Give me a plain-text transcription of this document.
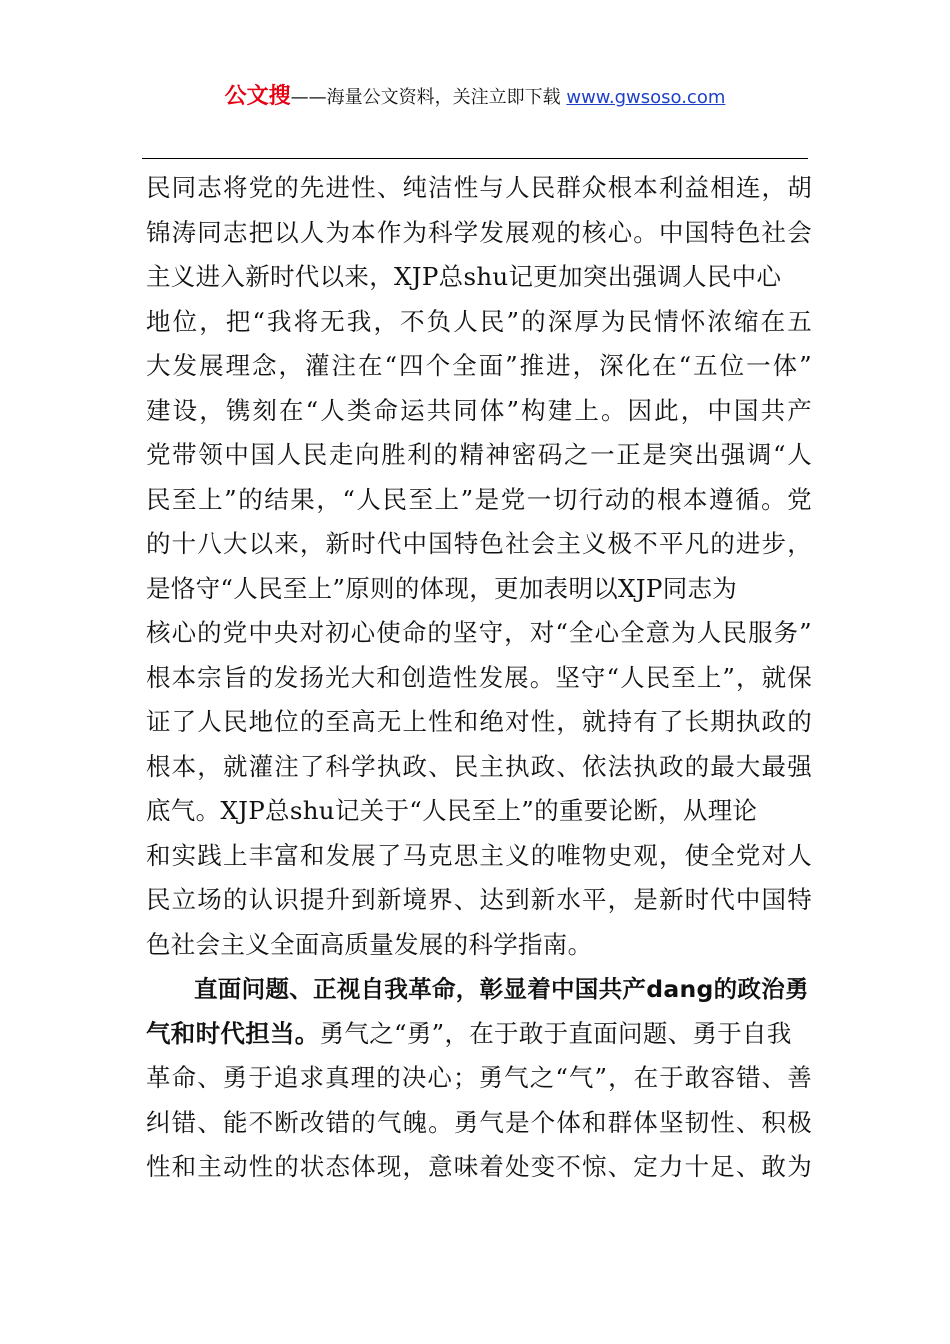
公文搜——海量公文资料，关注立即下载 www.gwsoso.com
民同志将党的先进性、纯洁性与人民群众根本利益相连，胡
锦涛同志把以人为本作为科学发展观的核心。中国特色社会
主义进入新时代以来，XJP总shu记更加突出强调人民中心
地位，把“我将无我，不负人民”的深厚为民情怀浓缩在五
大发展理念，灌注在“四个全面”推进，深化在“五位一体”
建设，镌刻在“人类命运共同体”构建上。因此，中国共产
党带领中国人民走向胜利的精神密码之一正是突出强调“人
民至上”的结果，“人民至上”是党一切行动的根本遵循。党
的十八大以来，新时代中国特色社会主义极不平凡的进步，
是恪守“人民至上”原则的体现，更加表明以XJP同志为
核心的党中央对初心使命的坚守，对“全心全意为人民服务”
根本宗旨的发扬光大和创造性发展。坚守“人民至上”，就保
证了人民地位的至高无上性和绝对性，就持有了长期执政的
根本，就灌注了科学执政、民主执政、依法执政的最大最强
底气。XJP总shu记关于“人民至上”的重要论断，从理论
和实践上丰富和发展了马克思主义的唯物史观，使全党对人
民立场的认识提升到新境界、达到新水平，是新时代中国特
色社会主义全面高质量发展的科学指南。
直面问题、正视自我革命，彰显着中国共产dang的政治勇
气和时代担当。勇气之“勇”，在于敢于直面问题、勇于自我
革命、勇于追求真理的决心；勇气之“气”，在于敢容错、善
纠错、能不断改错的气魄。勇气是个体和群体坚韧性、积极
性和主动性的状态体现，意味着处变不惊、定力十足、敢为
